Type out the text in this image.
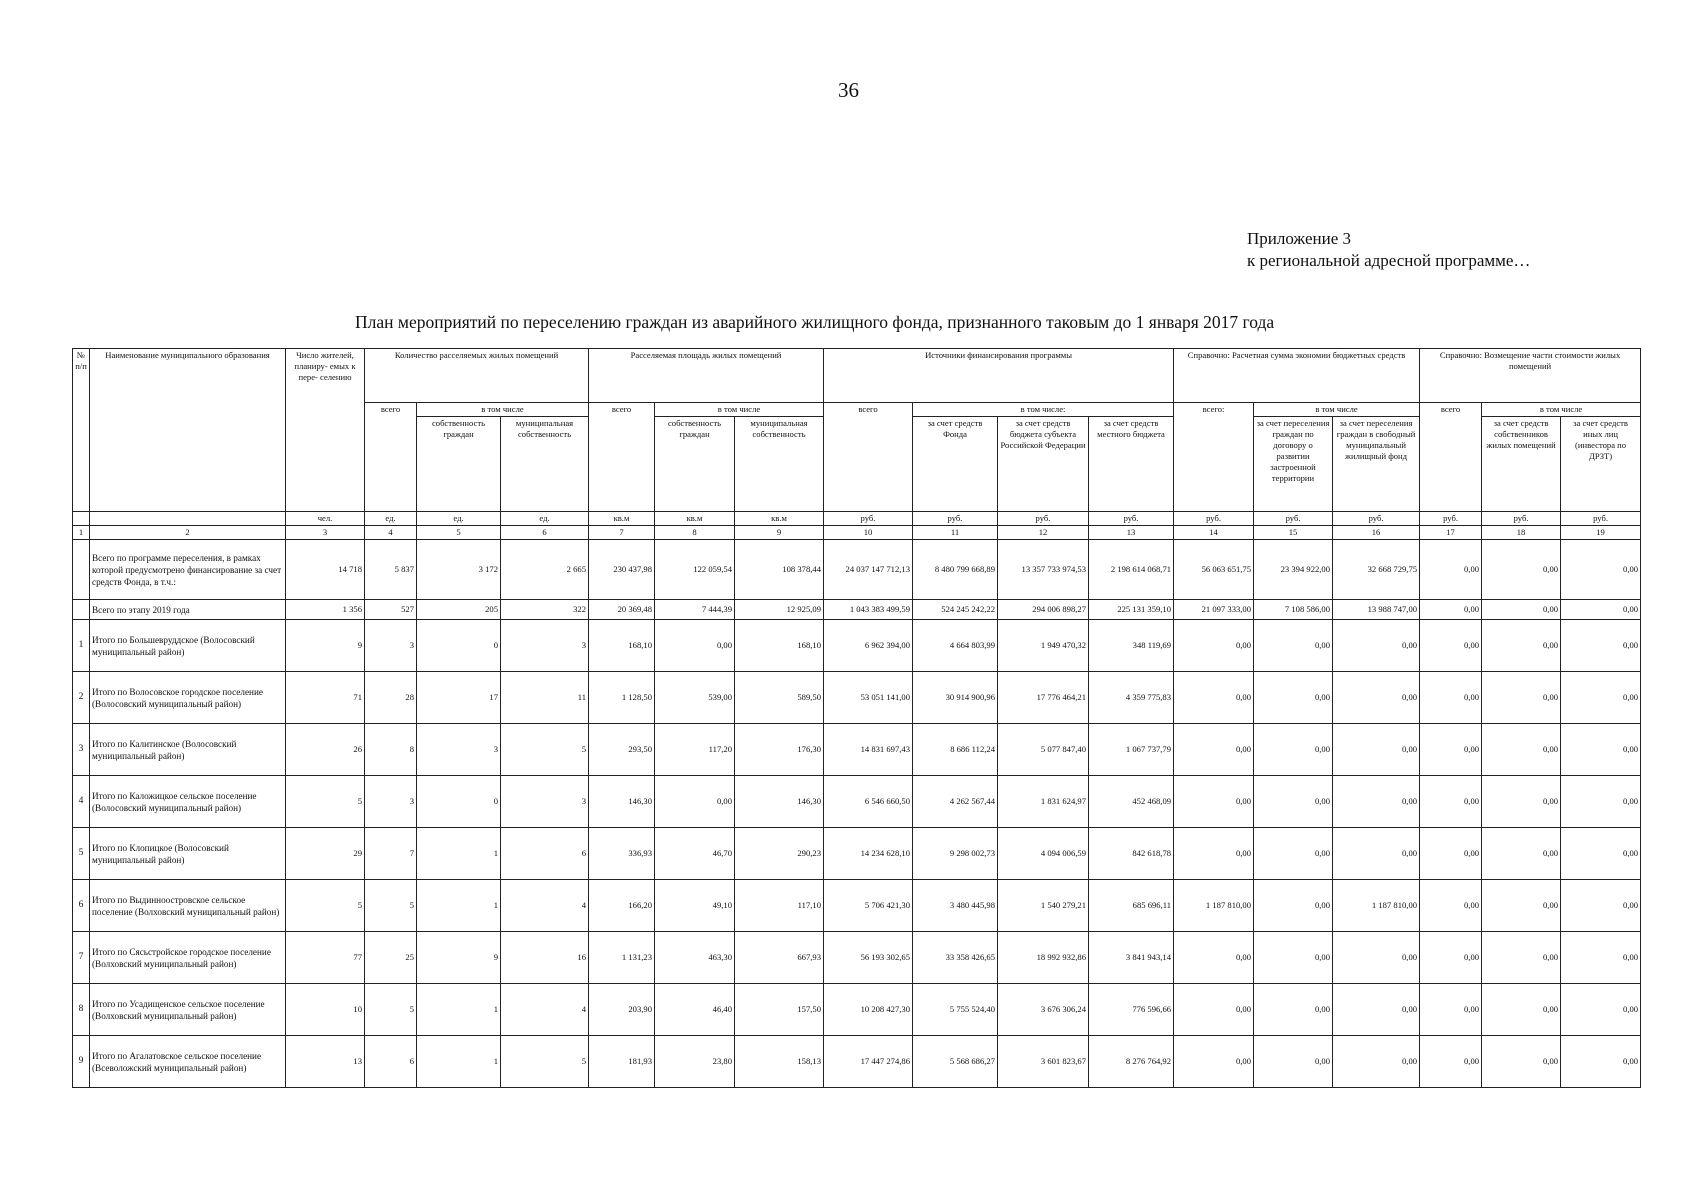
36
Приложение 3
к региональной адресной программе…
План мероприятий по переселению граждан из аварийного жилищного фонда, признанного таковым до 1 января 2017 года
№ п/п	Наименование муниципального образования	Число жителей, планиру- емых к пере- селению	Количество расселяемых жилых помещений			Расселяемая площадь жилых помещений			Источники финансирования программы				Справочно: Расчетная сумма экономии бюджетных средств			Справочно: Возмещение части стоимости жилых помещений		
			всего	в том числе		всего	в том числе		всего	в том числе:			всего:	в том числе		всего	в том числе	
				собственность граждан	муниципальная собственность		собственность граждан	муниципальная собственность		за счет средств Фонда	за счет средств бюджета субъекта Российской Федерации	за счет средств местного бюджета		за счет переселения граждан по договору о развитии застроенной территории	за счет переселения граждан в свободный муниципальный жилищный фонд		за счет средств собственников жилых помещений	за счет средств иных лиц (инвестора по ДРЗТ)
		чел.	ед.	ед.	ед.	кв.м	кв.м	кв.м	руб.	руб.	руб.	руб.	руб.	руб.	руб.	руб.	руб.	руб.
1	2	3	4	5	6	7	8	9	10	11	12	13	14	15	16	17	18	19
	Всего по программе переселения, в рамках которой предусмотрено финансирование за счет средств Фонда, в т.ч.:	14 718	5 837	3 172	2 665	230 437,98	122 059,54	108 378,44	24 037 147 712,13	8 480 799 668,89	13 357 733 974,53	2 198 614 068,71	56 063 651,75	23 394 922,00	32 668 729,75	0,00	0,00	0,00
	Всего по этапу 2019 года	1 356	527	205	322	20 369,48	7 444,39	12 925,09	1 043 383 499,59	524 245 242,22	294 006 898,27	225 131 359,10	21 097 333,00	7 108 586,00	13 988 747,00	0,00	0,00	0,00
1	Итого по Большевруддское (Волосовский муниципальный район)	9	3	0	3	168,10	0,00	168,10	6 962 394,00	4 664 803,99	1 949 470,32	348 119,69	0,00	0,00	0,00	0,00	0,00	0,00
2	Итого по Волосовское городское поселение (Волосовский муниципальный район)	71	28	17	11	1 128,50	539,00	589,50	53 051 141,00	30 914 900,96	17 776 464,21	4 359 775,83	0,00	0,00	0,00	0,00	0,00	0,00
3	Итого по Калитинское (Волосовский муниципальный район)	26	8	3	5	293,50	117,20	176,30	14 831 697,43	8 686 112,24	5 077 847,40	1 067 737,79	0,00	0,00	0,00	0,00	0,00	0,00
4	Итого по Каложицкое сельское поселение (Волосовский муниципальный район)	5	3	0	3	146,30	0,00	146,30	6 546 660,50	4 262 567,44	1 831 624,97	452 468,09	0,00	0,00	0,00	0,00	0,00	0,00
5	Итого по Клопицкое (Волосовский муниципальный район)	29	7	1	6	336,93	46,70	290,23	14 234 628,10	9 298 002,73	4 094 006,59	842 618,78	0,00	0,00	0,00	0,00	0,00	0,00
6	Итого по Выдинноостровское сельское поселение (Волховский муниципальный район)	5	5	1	4	166,20	49,10	117,10	5 706 421,30	3 480 445,98	1 540 279,21	685 696,11	1 187 810,00	0,00	1 187 810,00	0,00	0,00	0,00
7	Итого по Сясьстройское городское поселение (Волховский муниципальный район)	77	25	9	16	1 131,23	463,30	667,93	56 193 302,65	33 358 426,65	18 992 932,86	3 841 943,14	0,00	0,00	0,00	0,00	0,00	0,00
8	Итого по Усадищенское сельское поселение (Волховский муниципальный район)	10	5	1	4	203,90	46,40	157,50	10 208 427,30	5 755 524,40	3 676 306,24	776 596,66	0,00	0,00	0,00	0,00	0,00	0,00
9	Итого по Агалатовское сельское поселение (Всеволожский муниципальный район)	13	6	1	5	181,93	23,80	158,13	17 447 274,86	5 568 686,27	3 601 823,67	8 276 764,92	0,00	0,00	0,00	0,00	0,00	0,00
